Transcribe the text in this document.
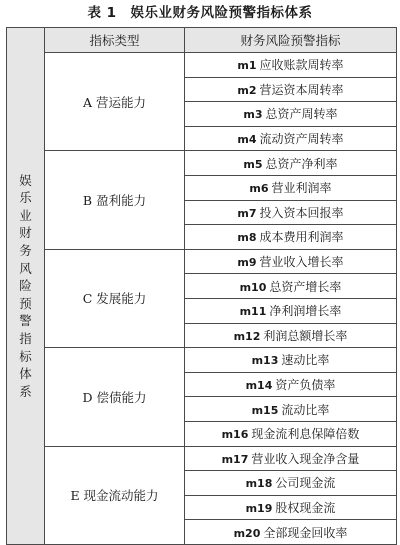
表 1 娱乐业财务风险预警指标体系
娱乐业财务风险预警指标体系	指标类型	财务风险预警指标
	A 营运能力	m1 应收账款周转率
		m2 营运资本周转率
		m3 总资产周转率
		m4 流动资产周转率
	B 盈利能力	m5 总资产净利率
		m6 营业利润率
		m7 投入资本回报率
		m8 成本费用利润率
	C 发展能力	m9 营业收入增长率
		m10 总资产增长率
		m11 净利润增长率
		m12 利润总额增长率
	D 偿债能力	m13 速动比率
		m14 资产负债率
		m15 流动比率
		m16 现金流利息保障倍数
	E 现金流动能力	m17 营业收入现金净含量
		m18 公司现金流
		m19 股权现金流
		m20 全部现金回收率
